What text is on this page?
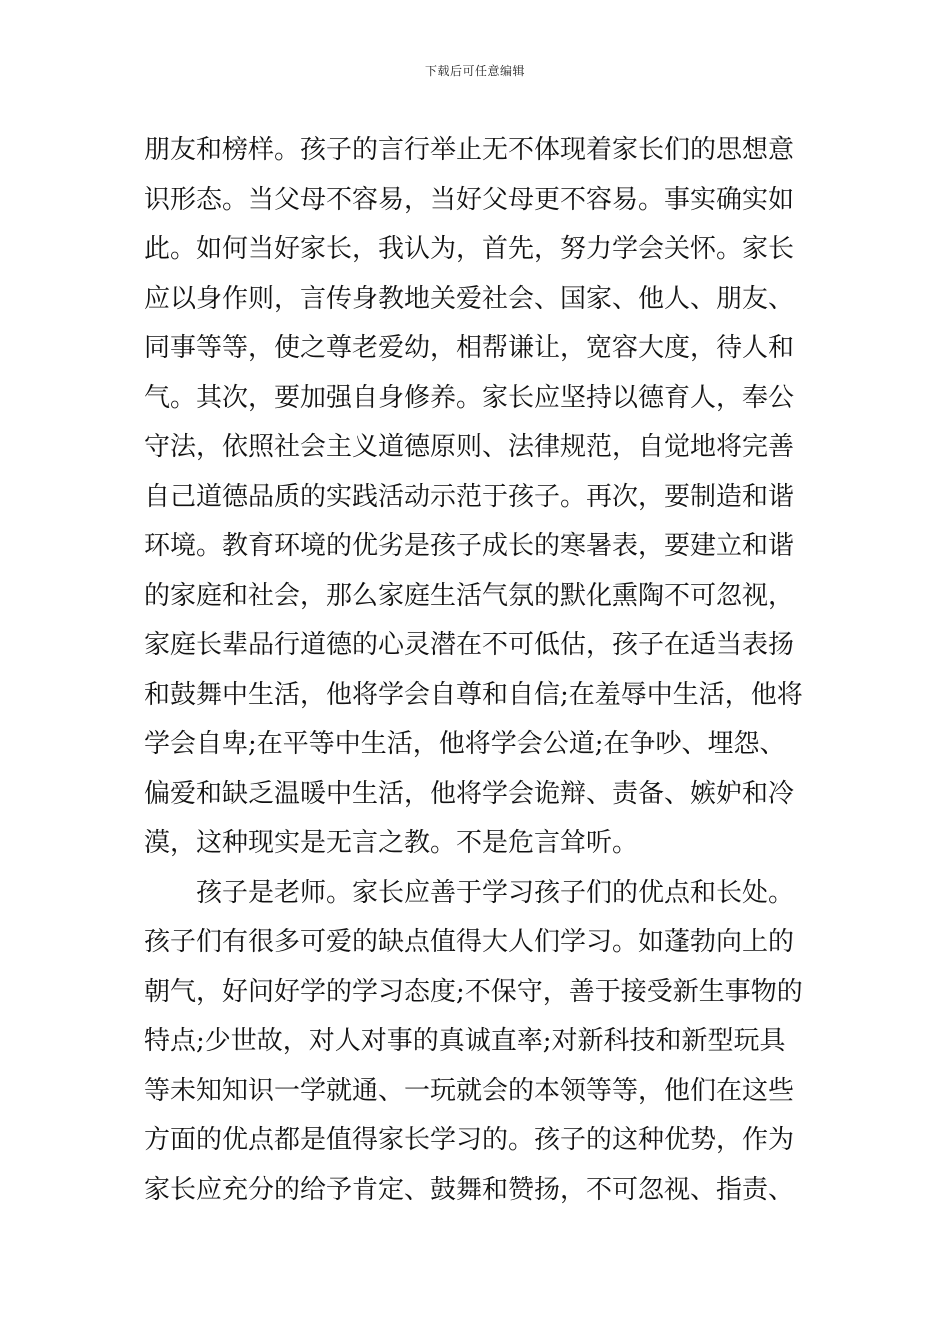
下载后可任意编辑
朋友和榜样。孩子的言行举止无不体现着家长们的思想意
识形态。当父母不容易，当好父母更不容易。事实确实如
此。如何当好家长，我认为，首先，努力学会关怀。家长
应以身作则，言传身教地关爱社会、国家、他人、朋友、
同事等等，使之尊老爱幼，相帮谦让，宽容大度，待人和
气。其次，要加强自身修养。家长应坚持以德育人，奉公
守法，依照社会主义道德原则、法律规范，自觉地将完善
自己道德品质的实践活动示范于孩子。再次，要制造和谐
环境。教育环境的优劣是孩子成长的寒暑表，要建立和谐
的家庭和社会，那么家庭生活气氛的默化熏陶不可忽视，
家庭长辈品行道德的心灵潜在不可低估，孩子在适当表扬
和鼓舞中生活，他将学会自尊和自信;在羞辱中生活，他将
学会自卑;在平等中生活，他将学会公道;在争吵、埋怨、
偏爱和缺乏温暖中生活，他将学会诡辩、责备、嫉妒和冷
漠，这种现实是无言之教。不是危言耸听。
孩子是老师。家长应善于学习孩子们的优点和长处。
孩子们有很多可爱的缺点值得大人们学习。如蓬勃向上的
朝气，好问好学的学习态度;不保守，善于接受新生事物的
特点;少世故，对人对事的真诚直率;对新科技和新型玩具
等未知知识一学就通、一玩就会的本领等等，他们在这些
方面的优点都是值得家长学习的。孩子的这种优势，作为
家长应充分的给予肯定、鼓舞和赞扬，不可忽视、指责、
